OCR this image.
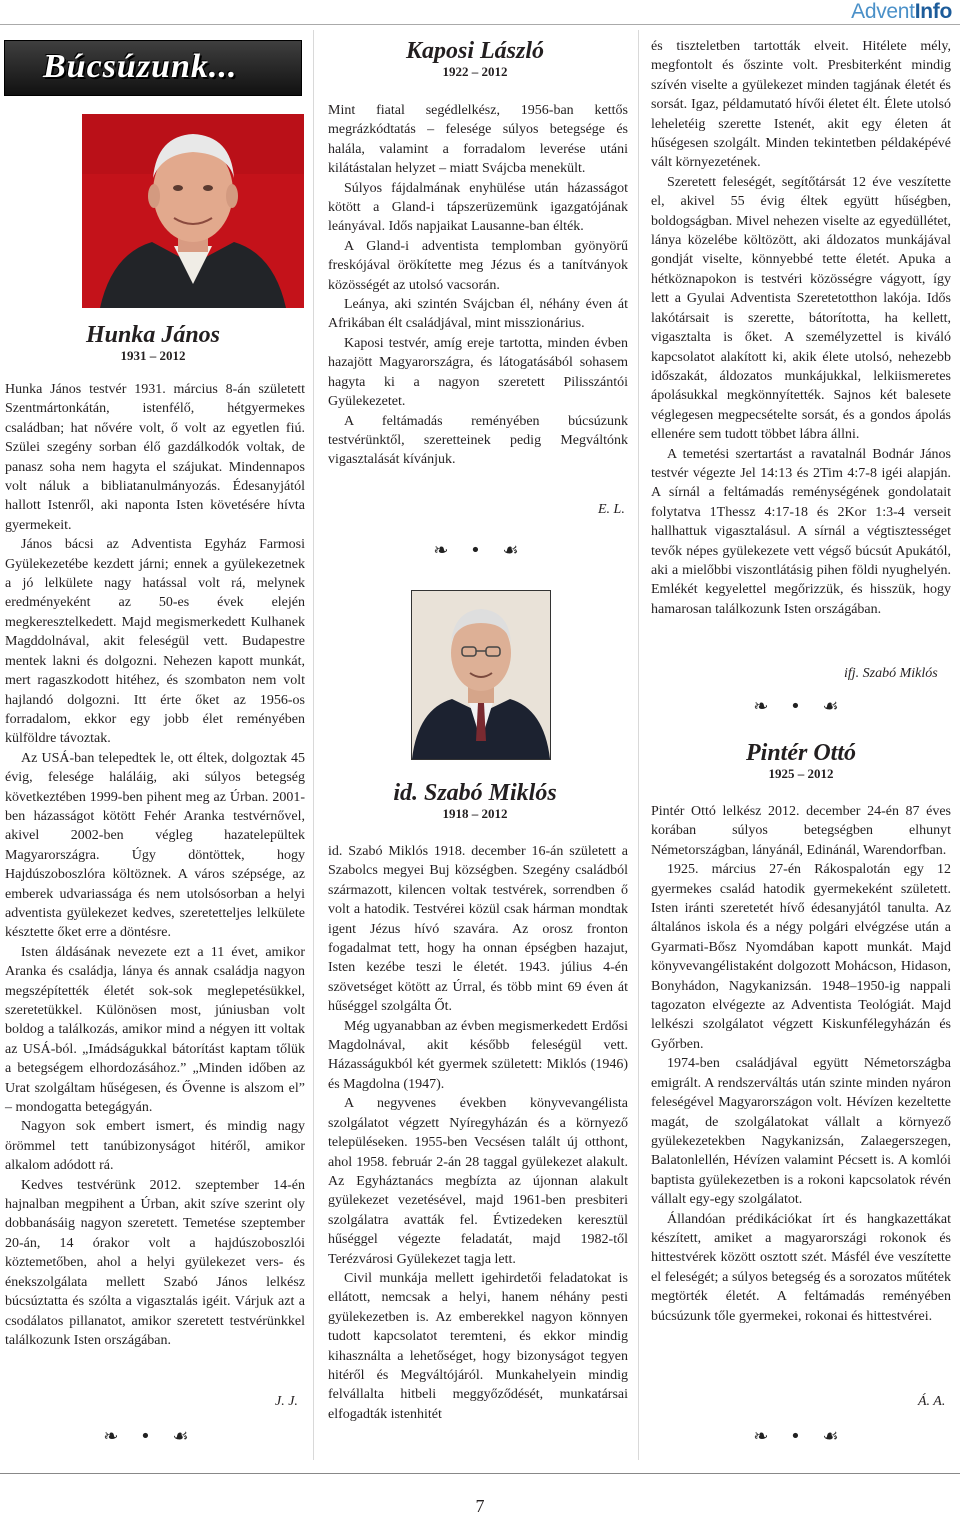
AdventInfo
Búcsúzunk...
Hunka János
1931 – 2012

Hunka János testvér 1931. március 8-án született Szentmártonkátán, istenfélő, hétgyermekes családban; hat nővére volt, ő volt az egyetlen fiú. Szülei szegény sorban élő gazdálkodók voltak, de panasz soha nem hagyta el szájukat. Mindennapos volt náluk a bibliatanulmányozás. Édesanyjától hallott Istenről, aki naponta Isten követésére hívta gyermekeit.

János bácsi az Adventista Egyház Farmosi Gyülekezetébe kezdett járni; ennek a gyülekezetnek a jó lelkülete nagy hatással volt rá, melynek eredményeként az 50-es évek elején megkeresztelkedett. Majd megismerkedett Kulhanek Magddolnával, akit feleségül vett. Budapestre mentek lakni és dolgozni. Nehezen kapott munkát, mert ragaszkodott hitéhez, és szombaton nem volt hajlandó dolgozni. Itt érte őket az 1956-os forradalom, ekkor egy jobb élet reményében külföldre távoztak.

Az USÁ-ban telepedtek le, ott éltek, dolgoztak 45 évig, felesége haláláig, aki súlyos betegség következtében 1999-ben pihent meg az Úrban. 2001-ben házasságot kötött Fehér Aranka testvérnővel, akivel 2002-ben végleg hazatelepültek Magyarországra. Úgy döntöttek, hogy Hajdúszoboszlóra költöznek. A város szépsége, az emberek udvariassága és nem utolsósorban a helyi adventista gyülekezet kedves, szeretetteljes lelkülete késztette őket erre a döntésre.

Isten áldásának nevezete ezt a 11 évet, amikor Aranka és családja, lánya és annak családja nagyon megszépítették életét sok-sok meglepetésükkel, szeretetükkel. Különösen most, júniusban volt boldog a találkozás, amikor mind a négyen itt voltak az USÁ-ból. „Imádságukkal bátorítást kaptam tőlük a betegségem elhordozásához.” „Minden időben az Urat szolgáltam hűségesen, és Ővenne is alszom el” – mondogatta betegágyán.

Nagyon sok embert ismert, és mindig nagy örömmel tett tanúbizonyságot hitéről, amikor alkalom adódott rá.

Kedves testvérünk 2012. szeptember 14-én hajnalban megpihent a Úrban, akit szíve szerint oly dobbanásáig nagyon szeretett. Temetése szeptember 20-án, 14 órakor volt a hajdúszoboszlói köztemetőben, ahol a helyi gyülekezet vers- és énekszolgálata mellett Szabó János lelkész búcsúztatta és szólta a vigasztalás igéit. Várjuk azt a csodálatos pillanatot, amikor szeretett testvérünkkel találkozunk Isten országában.

J. J.
❧ • ☙
Kaposi László
1922 – 2012

Mint fiatal segédlelkész, 1956-ban kettős megrázkódtatás – felesége súlyos betegsége és halála, valamint a forradalom leverése utáni kilátástalan helyzet – miatt Svájcba menekült.

Súlyos fájdalmának enyhülése után házasságot kötött a Gland-i tápszerüzemünk igazgatójának leányával. Idős napjaikat Lausanne-ban élték.

A Gland-i adventista templomban gyönyörű freskójával örökítette meg Jézus és a tanítványok közösségét az utolsó vacsorán.

Leánya, aki szintén Svájcban él, néhány éven át Afrikában élt családjával, mint misszionárius.

Kaposi testvér, amíg ereje tartotta, minden évben hazajött Magyarországra, és látogatásából sohasem hagyta ki a nagyon szeretett Pilisszántói Gyülekezetet.

A feltámadás reményében búcsúzunk testvérünktől, szeretteinek pedig Megváltónk vigasztalását kívánjuk.

E. L.
❧ • ☙
id. Szabó Miklós
1918 – 2012

id. Szabó Miklós 1918. december 16-án született a Szabolcs megyei Buj községben. Szegény családból származott, kilencen voltak testvérek, sorrendben ő volt a hatodik. Testvérei közül csak hárman mondtak igent Jézus hívó szavára. Az orosz fronton fogadalmat tett, hogy ha onnan épségben hazajut, Isten kezébe teszi le életét. 1943. július 4-én szövetséget kötött az Úrral, és több mint 69 éven át hűséggel szolgálta Őt.

Még ugyanabban az évben megismerkedett Erdősi Magdolnával, akit később feleségül vett. Házasságukból két gyermek született: Miklós (1946) és Magdolna (1947).

A negyvenes években könyvevangélista szolgálatot végzett Nyíregyházán és a környező településeken. 1955-ben Vecsésen talált új otthont, ahol 1958. február 2-án 28 taggal gyülekezet alakult. Az Egyháztanács megbízta az újonnan alakult gyülekezet vezetésével, majd 1961-ben presbiteri szolgálatra avatták fel. Évtizedeken keresztül hűséggel végezte feladatát, majd 1982-től Terézvárosi Gyülekezet tagja lett.

Civil munkája mellett igehirdetői feladatokat is ellátott, nemcsak a helyi, hanem néhány pesti gyülekezetben is. Az emberekkel nagyon könnyen tudott kapcsolatot teremteni, és ekkor mindig kihasználta a lehetőséget, hogy bizonyságot tegyen hitéről és Megváltójáról. Munkahelyein mindig felvállalta hitbeli meggyőződését, munkatársai elfogadták istenhitét

és tiszteletben tartották elveit. Hitélete mély, megfontolt és őszinte volt. Presbiterként mindig szívén viselte a gyülekezet minden tagjának életét és sorsát. Igaz, példamutató hívői életet élt. Élete utolsó leheletéig szerette Istenét, akit egy életen át hűségesen szolgált. Minden tekintetben példaképévé vált környezetének.

Szeretett feleségét, segítőtársát 12 éve veszítette el, akivel 55 évig éltek együtt hűségben, boldogságban. Mivel nehezen viselte az egyedüllétet, lánya közelébe költözött, aki áldozatos munkájával gondját viselte, könnyebbé tette életét. Apuka a hétköznapokon is testvéri közösségre vágyott, így lett a Gyulai Adventista Szeretetotthon lakója. Idős lakótársait is szerette, bátorította, ha kellett, vigasztalta is őket. A személyzettel is kiváló kapcsolatot alakított ki, akik élete utolsó, nehezebb időszakát, áldozatos munkájukkal, lelkiismeretes ápolásukkal megkönnyítették. Sajnos két balesete véglegesen megpecsételte sorsát, és a gondos ápolás ellenére sem tudott többet lábra állni.

A temetési szertartást a ravatalnál Bodnár János testvér végezte Jel 14:13 és 2Tim 4:7-8 igéi alapján. A sírnál a feltámadás reménységének gondolatait folytatva 1Thessz 4:17-18 és 2Kor 1:3-4 verseit hallhattuk vigasztalásul. A sírnál a végtisztességet tevők népes gyülekezete vett végső búcsút Apukától, aki a mielőbbi viszontlátásig pihen földi nyughelyén. Emlékét kegyelettel megőrizzük, és hisszük, hogy hamarosan találkozunk Isten országában.

ifj. Szabó Miklós
❧ • ☙
Pintér Ottó
1925 – 2012

Pintér Ottó lelkész 2012. december 24-én 87 éves korában súlyos betegségben elhunyt Németországban, lányánál, Edinánál, Warendorfban.

1925. március 27-én Rákospalotán egy 12 gyermekes család hatodik gyermekeként született. Isten iránti szeretetét hívő édesanyjától tanulta. Az általános iskola és a négy polgári elvégzése után a Gyarmati-Bősz Nyomdában kapott munkát. Majd könyvevangélistaként dolgozott Mohácson, Hidason, Bonyhádon, Nagykanizsán. 1948–1950-ig nappali tagozaton elvégezte az Adventista Teológiát. Majd lelkészi szolgálatot végzett Kiskunfélegyházán és Győrben.

1974-ben családjával együtt Németországba emigrált. A rendszerváltás után szinte minden nyáron feleségével Magyarországon volt. Hévízen kezeltette magát, de szolgálatokat vállalt a környező gyülekezetekben Nagykanizsán, Zalaegerszegen, Balatonlellén, Hévízen valamint Pécsett is. A komlói baptista gyülekezetben is a rokoni kapcsolatok révén vállalt egy-egy szolgálatot.

Állandóan prédikációkat írt és hangkazettákat készített, amiket a magyarországi rokonok és hittestvérek között osztott szét. Másfél éve veszítette el feleségét; a súlyos betegség és a sorozatos műtétek megtörték életét. A feltámadás reményében búcsúzunk tőle gyermekei, rokonai és hittestvérei.

Á. A.
❧ • ☙
7
